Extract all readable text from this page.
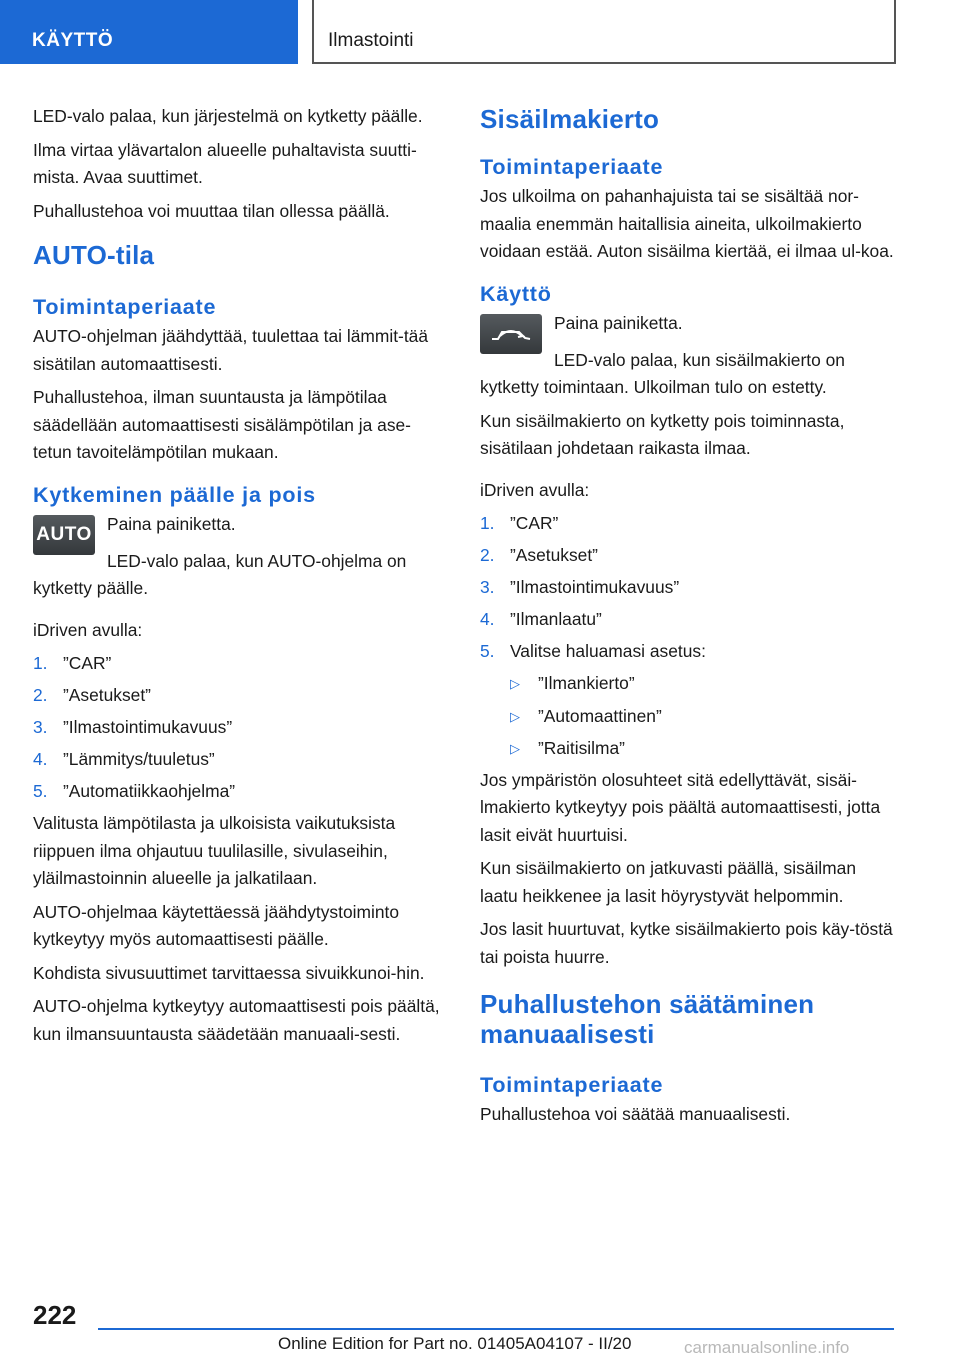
KÄYTTÖ	Ilmastointi

LED-valo palaa, kun järjestelmä on kytketty päälle.

Ilma virtaa ylävartalon alueelle puhaltavista suutti-mista. Avaa suuttimet.

Puhallustehoa voi muuttaa tilan ollessa päällä.

AUTO-tila
Toimintaperiaate

AUTO-ohjelman jäähdyttää, tuulettaa tai lämmit-tää sisätilan automaattisesti.

Puhallustehoa, ilman suuntausta ja lämpötilaa säädellään automaattisesti sisälämpötilan ja ase-tetun tavoitelämpötilan mukaan.

Kytkeminen päälle ja pois
AUTO Paina painiketta.

LED-valo palaa, kun AUTO-ohjelma on kytketty päälle.

iDriven avulla:

1. ”CAR”
2. ”Asetukset”
3. ”Ilmastointimukavuus”
4. ”Lämmitys/tuuletus”
5. ”Automatiikkaohjelma”

Valitusta lämpötilasta ja ulkoisista vaikutuksista riippuen ilma ohjautuu tuulilasille, sivulaseihin, yläilmastoinnin alueelle ja jalkatilaan.

AUTO-ohjelmaa käytettäessä jäähdytystoiminto kytkeytyy myös automaattisesti päälle.

Kohdista sivusuuttimet tarvittaessa sivuikkunoi-hin.

AUTO-ohjelma kytkeytyy automaattisesti pois päältä, kun ilmansuuntausta säädetään manuaali-sesti.

Sisäilmakierto
Toimintaperiaate

Jos ulkoilma on pahanhajuista tai se sisältää nor-maalia enemmän haitallisia aineita, ulkoilmakierto voidaan estää. Auton sisäilma kiertää, ei ilmaa ul-koa.

Käyttö

Paina painiketta.

LED-valo palaa, kun sisäilmakierto on kytketty toimintaan. Ulkoilman tulo on estetty.

Kun sisäilmakierto on kytketty pois toiminnasta, sisätilaan johdetaan raikasta ilmaa.

iDriven avulla:

1. ”CAR”
2. ”Asetukset”
3. ”Ilmastointimukavuus”
4. ”Ilmanlaatu”
5. Valitse haluamasi asetus:
▷ ”Ilmankierto”
▷ ”Automaattinen”
▷ ”Raitisilma”

Jos ympäristön olosuhteet sitä edellyttävät, sisäi-lmakierto kytkeytyy pois päältä automaattisesti, jotta lasit eivät huurtuisi.

Kun sisäilmakierto on jatkuvasti päällä, sisäilman laatu heikkenee ja lasit höyrystyvät helpommin.

Jos lasit huurtuvat, kytke sisäilmakierto pois käy-töstä tai poista huurre.

Puhallustehon säätäminen manuaalisesti
Toimintaperiaate

Puhallustehoa voi säätää manuaalisesti.

222
Online Edition for Part no. 01405A04107 - II/20	carmanualsonline.info
